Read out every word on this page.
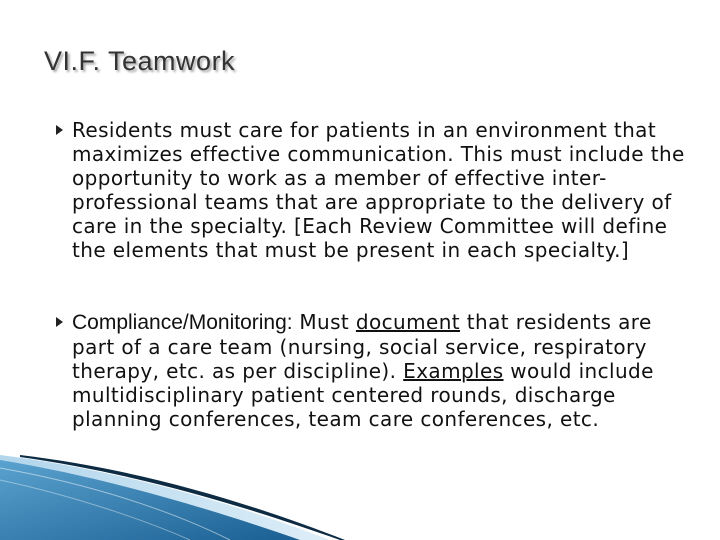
VI.F. Teamwork
Residents must care for patients in an environment that maximizes effective communication. This must include the opportunity to work as a member of effective inter-professional teams that are appropriate to the delivery of care in the specialty. [Each Review Committee will define the elements that must be present in each specialty.]
Compliance/Monitoring: Must document that residents are part of a care team (nursing, social service, respiratory therapy, etc. as per discipline). Examples would include multidisciplinary patient centered rounds, discharge planning conferences, team care conferences, etc.
